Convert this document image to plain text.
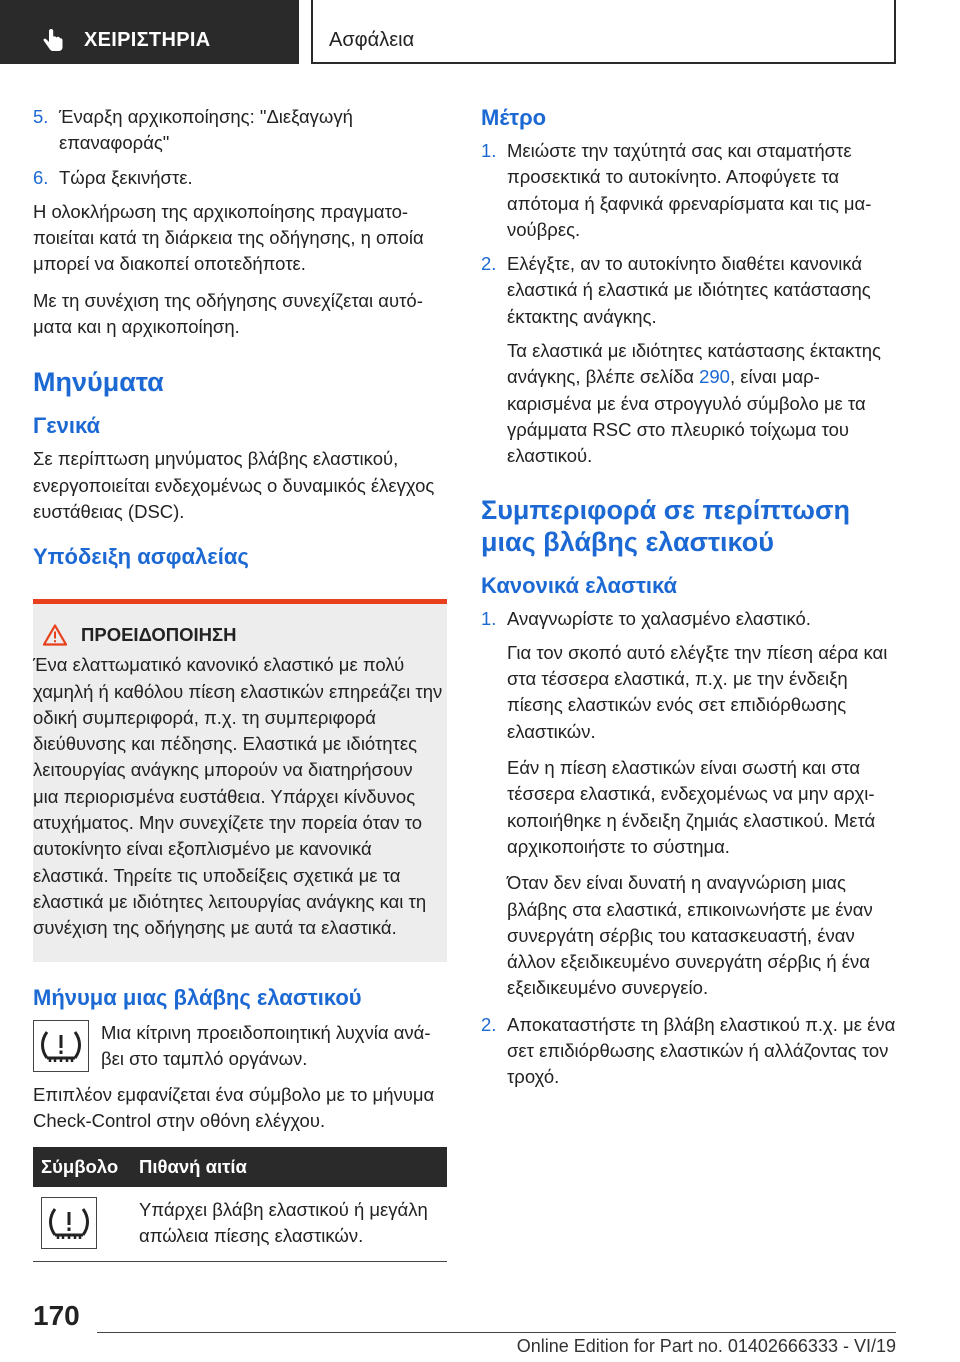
ΧΕΙΡΙΣΤΗΡΙΑ	Ασφάλεια
5. Έναρξη αρχικοποίησης: "Διεξαγωγή επαναφοράς"
6. Τώρα ξεκινήστε.

Η ολοκλήρωση της αρχικοποίησης πραγματοποιείται κατά τη διάρκεια της οδήγησης, η οποία μπορεί να διακοπεί οποτεδήποτε.

Με τη συνέχιση της οδήγησης συνεχίζεται αυτόματα και η αρχικοποίηση.

Μηνύματα
Γενικά

Σε περίπτωση μηνύματος βλάβης ελαστικού, ενεργοποιείται ενδεχομένως ο δυναμικός έλεγχος ευστάθειας (DSC).

Υπόδειξη ασφαλείας
ΠΡΟΕΙΔΟΠΟΙΗΣΗ

Ένα ελαττωματικό κανονικό ελαστικό με πολύ χαμηλή ή καθόλου πίεση ελαστικών επηρεάζει την οδική συμπεριφορά, π.χ. τη συμπεριφορά διεύθυνσης και πέδησης. Ελαστικά με ιδιότητες λειτουργίας ανάγκης μπορούν να διατηρήσουν μια περιορισμένα ευστάθεια. Υπάρχει κίνδυνος ατυχήματος. Μην συνεχίζετε την πορεία όταν το αυτοκίνητο είναι εξοπλισμένο με κανονικά ελαστικά. Τηρείτε τις υποδείξεις σχετικά με τα ελαστικά με ιδιότητες λειτουργίας ανάγκης και τη συνέχιση της οδήγησης με αυτά τα ελαστικά.

Μήνυμα μιας βλάβης ελαστικού

Μια κίτρινη προειδοποιητική λυχνία ανάβει στο ταμπλό οργάνων.

Επιπλέον εμφανίζεται ένα σύμβολο με το μήνυμα Check-Control στην οθόνη ελέγχου.

Σύμβολο	Πιθανή αιτία

	Υπάρχει βλάβη ελαστικού ή μεγάλη απώλεια πίεσης ελαστικών.
Μέτρο
1. Μειώστε την ταχύτητά σας και σταματήστε προσεκτικά το αυτοκίνητο. Αποφύγετε τα απότομα ή ξαφνικά φρεναρίσματα και τις μανούβρες.
2. Ελέγξτε, αν το αυτοκίνητο διαθέτει κανονικά ελαστικά ή ελαστικά με ιδιότητες κατάστασης έκτακτης ανάγκης.

Τα ελαστικά με ιδιότητες κατάστασης έκτακτης ανάγκης, βλέπε σελίδα 290, είναι μαρκαρισμένα με ένα στρογγυλό σύμβολο με τα γράμματα RSC στο πλευρικό τοίχωμα του ελαστικού.

Συμπεριφορά σε περίπτωση μιας βλάβης ελαστικού
Κανονικά ελαστικά
1. Αναγνωρίστε το χαλασμένο ελαστικό.

Για τον σκοπό αυτό ελέγξτε την πίεση αέρα και στα τέσσερα ελαστικά, π.χ. με την ένδειξη πίεσης ελαστικών ενός σετ επιδιόρθωσης ελαστικών.

Εάν η πίεση ελαστικών είναι σωστή και στα τέσσερα ελαστικά, ενδεχομένως να μην αρχικοποιήθηκε η ένδειξη ζημιάς ελαστικού. Μετά αρχικοποιήστε το σύστημα.

Όταν δεν είναι δυνατή η αναγνώριση μιας βλάβης στα ελαστικά, επικοινωνήστε με έναν συνεργάτη σέρβις του κατασκευαστή, έναν άλλον εξειδικευμένο συνεργάτη σέρβις ή ένα εξειδικευμένο συνεργείο.

2. Αποκαταστήστε τη βλάβη ελαστικού π.χ. με ένα σετ επιδιόρθωσης ελαστικών ή αλλάζοντας τον τροχό.
170
Online Edition for Part no. 01402666333 - VI/19
